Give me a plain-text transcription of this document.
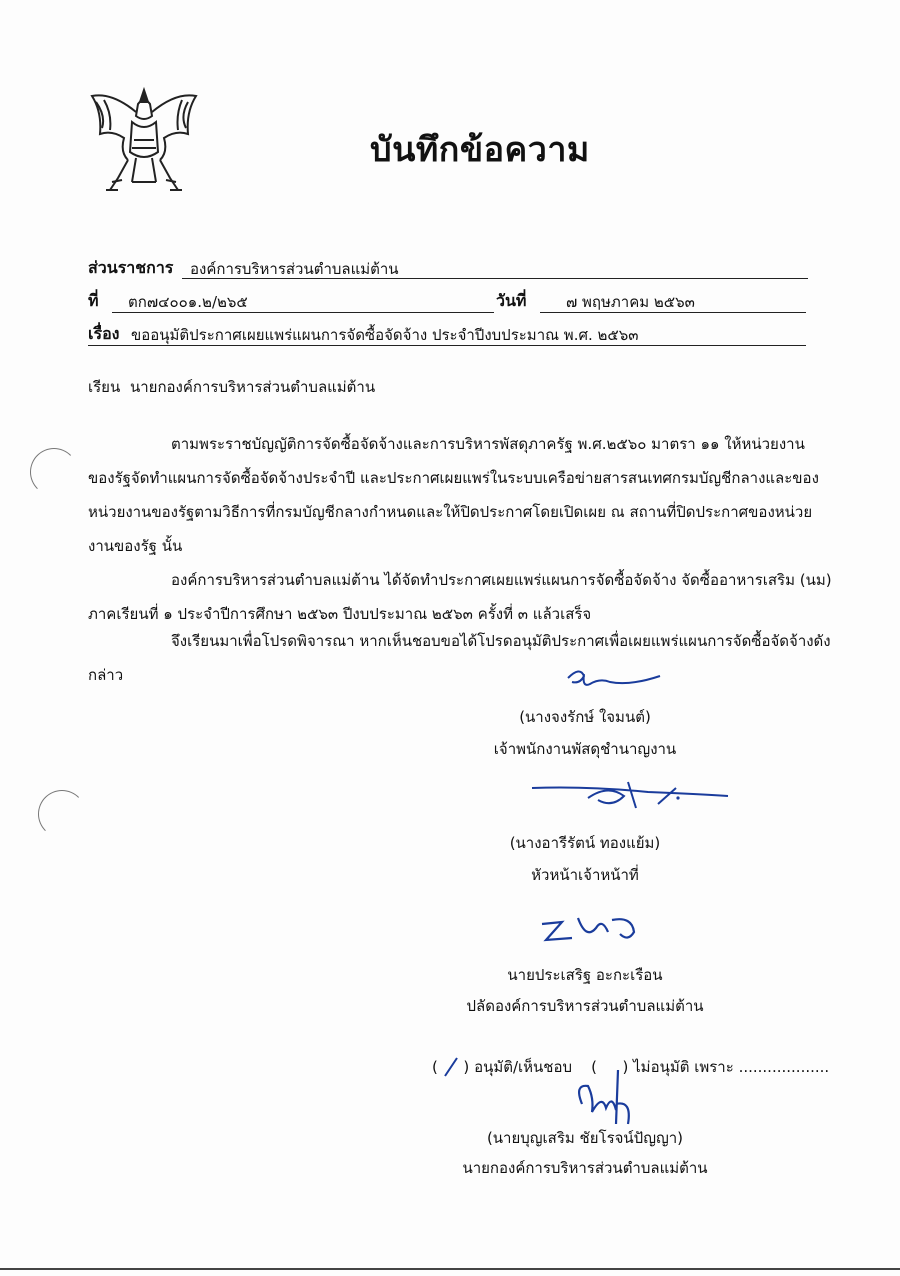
บันทึกข้อความ
ส่วนราชการ องค์การบริหารส่วนตำบลแม่ต้าน
ที่ ตก๗๔๐๐๑.๒/๒๖๕	วันที่	๗ พฤษภาคม ๒๕๖๓
เรื่อง ขออนุมัติประกาศเผยแพร่แผนการจัดซื้อจัดจ้าง ประจำปีงบประมาณ พ.ศ. ๒๕๖๓
เรียน นายกองค์การบริหารส่วนตำบลแม่ต้าน
ตามพระราชบัญญัติการจัดซื้อจัดจ้างและการบริหารพัสดุภาครัฐ พ.ศ.๒๕๖๐ มาตรา ๑๑ ให้หน่วยงาน
ของรัฐจัดทำแผนการจัดซื้อจัดจ้างประจำปี และประกาศเผยแพร่ในระบบเครือข่ายสารสนเทศกรมบัญชีกลางและของ
หน่วยงานของรัฐตามวิธีการที่กรมบัญชีกลางกำหนดและให้ปิดประกาศโดยเปิดเผย ณ สถานที่ปิดประกาศของหน่วย
งานของรัฐ นั้น
องค์การบริหารส่วนตำบลแม่ต้าน ได้จัดทำประกาศเผยแพร่แผนการจัดซื้อจัดจ้าง จัดซื้ออาหารเสริม (นม)
ภาคเรียนที่ ๑ ประจำปีการศึกษา ๒๕๖๓ ปีงบประมาณ ๒๕๖๓ ครั้งที่ ๓ แล้วเสร็จ
จึงเรียนมาเพื่อโปรดพิจารณา หากเห็นชอบขอได้โปรดอนุมัติประกาศเพื่อเผยแพร่แผนการจัดซื้อจัดจ้างดัง
กล่าว
(นางจงรักษ์ ใจมนต์)
เจ้าพนักงานพัสดุชำนาญงาน
(นางอารีรัตน์ ทองแย้ม)
หัวหน้าเจ้าหน้าที่
นายประเสริฐ อะกะเรือน
ปลัดองค์การบริหารส่วนตำบลแม่ต้าน
( ) อนุมัติ/เห็นชอบ ( ) ไม่อนุมัติ เพราะ ...................
(นายบุญเสริม ชัยโรจน์ปัญญา)
นายกองค์การบริหารส่วนตำบลแม่ต้าน
